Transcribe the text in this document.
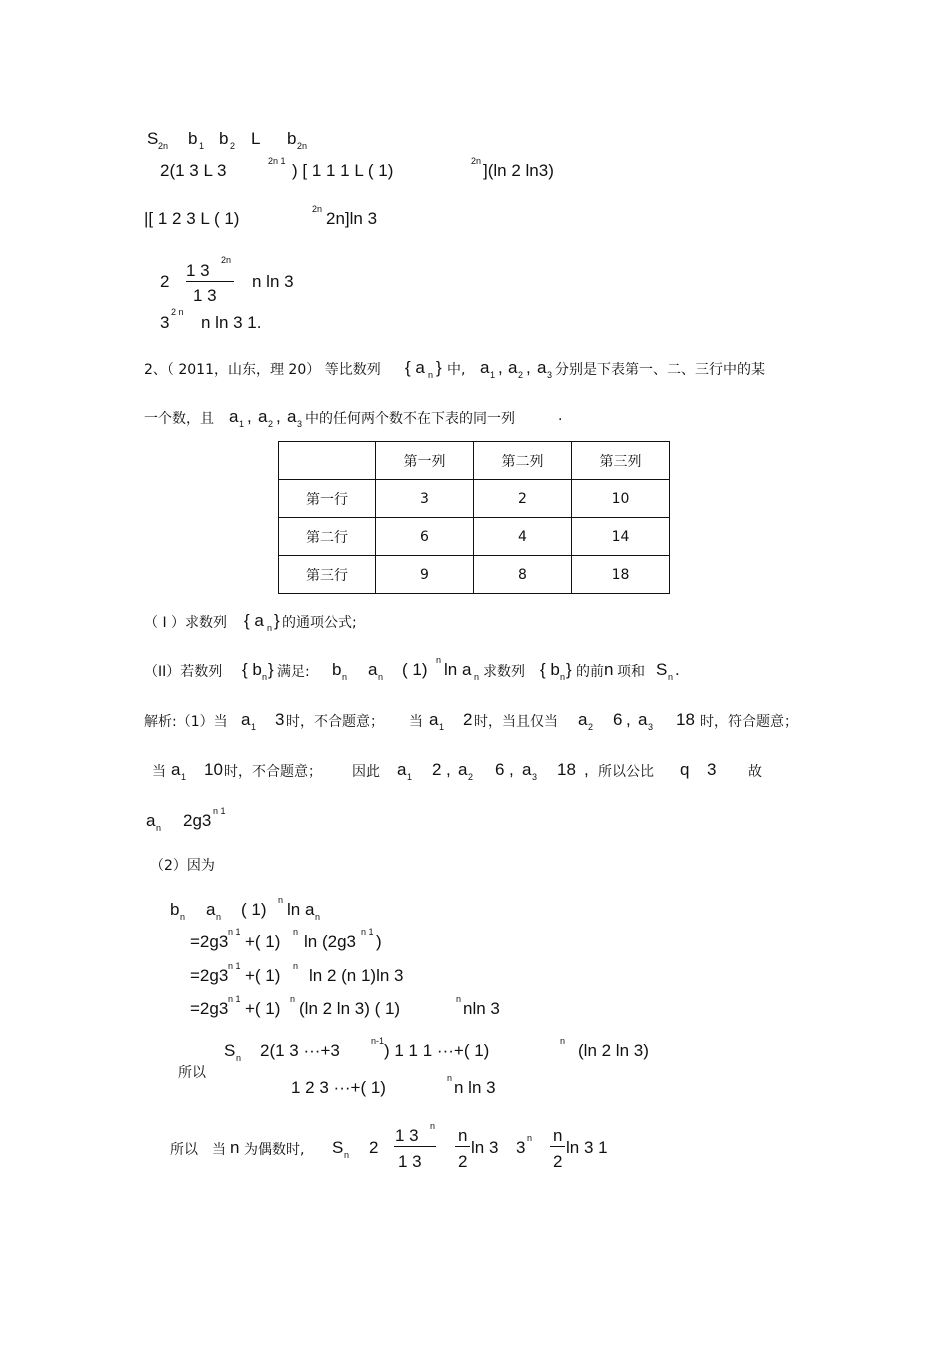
S 2n b 1 b 2 L b 2n
2(1 3 L 3	2n 1 ) [ 1 1 1 L ( 1)	2n ](ln 2 ln3)
|[ 1 2 3 L ( 1)	2n 2n]ln 3
2
1 3
2n
1 3
n ln 3
3
2 n
n ln 3 1.
2、（ 2011，山东，理 20） 等比数列 { a n } 中, a 1 , a 2 , a 3 分别是下表第一、二、三行中的某
一个数，且 a 1 , a 2 , a 3 中的任何两个数不在下表的同一列	.
	第一列	第二列	第三列
第一行	3	2	10
第二行	6	4	14
第三行	9	8	18
（ I ）求数列 { a n } 的通项公式;
（II）若数列 { b n } 满足: b n a n ( 1) n ln a n 求数列 { b n } 的前 n 项和 S n .
解析:（1）当 a 1 3 时，不合题意； 当 a 1 2 时，当且仅当 a 2 6 , a 3 18 时，符合题意；
当 a 1 10 时，不合题意； 因此 a 1 2 , a 2 6 , a 3 18 , 所以公比 q 3 故
a n 2g3 n 1
（2）因为
b n a n ( 1) n ln a n
=2g3 n 1 +( 1) n ln (2g3 n 1 )
=2g3 n 1 +( 1) n ln 2 (n 1)ln 3
=2g3 n 1 +( 1) n (ln 2 ln 3) ( 1)	n nln 3
所以
S n 2(1 3 ···+3	n-1 ) 1 1 1 ···+( 1)	n (ln 2 ln 3)
1 2 3 ···+( 1)	n n ln 3
所以 当 n 为偶数时, S n 2
1 3 n
1 3
n
2
ln 3 3 n n
2
ln 3 1
